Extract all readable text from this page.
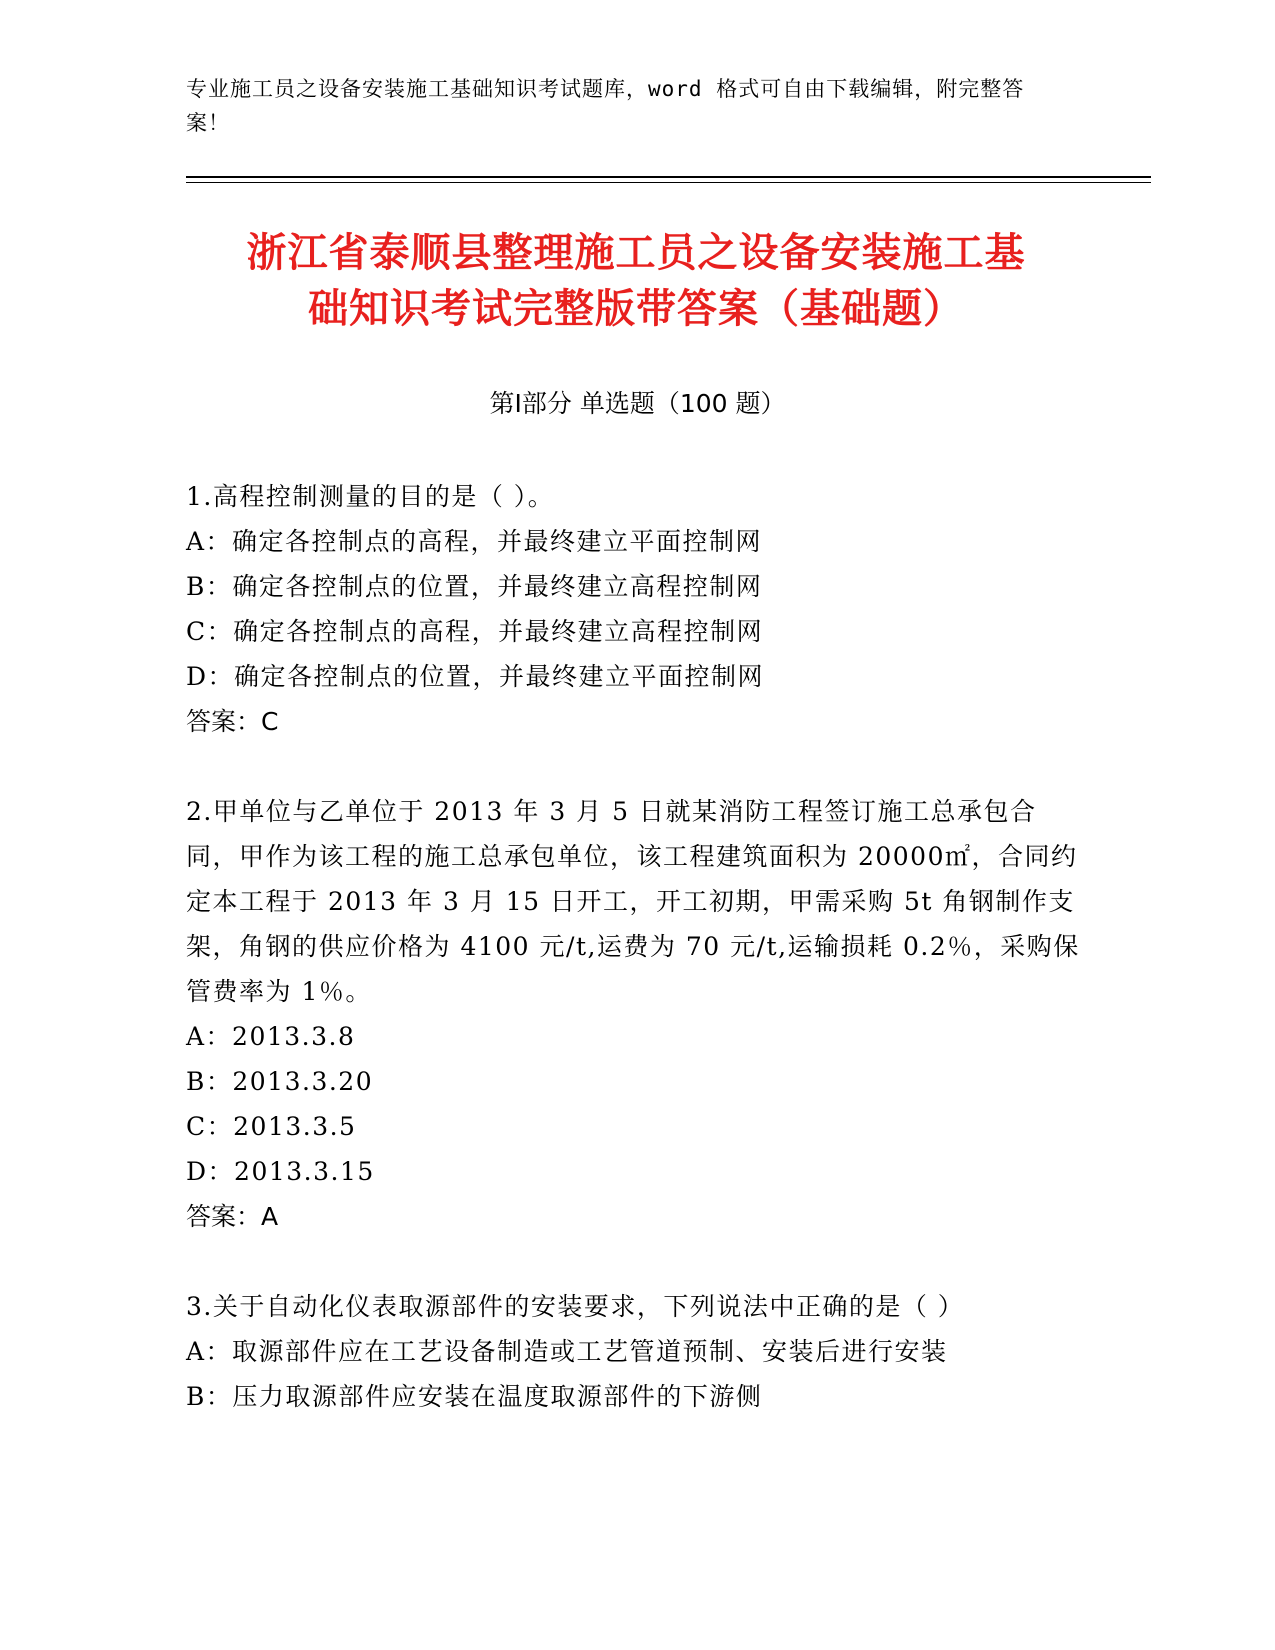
专业施工员之设备安装施工基础知识考试题库，word 格式可自由下载编辑，附完整答案！
浙江省泰顺县整理施工员之设备安装施工基
础知识考试完整版带答案（基础题）
第Ⅰ部分 单选题（100 题）

1.高程控制测量的目的是（ ）。

A：确定各控制点的高程，并最终建立平面控制网

B：确定各控制点的位置，并最终建立高程控制网

C：确定各控制点的高程，并最终建立高程控制网

D：确定各控制点的位置，并最终建立平面控制网

答案：C

2.甲单位与乙单位于 2013 年 3 月 5 日就某消防工程签订施工总承包合同，甲作为该工程的施工总承包单位，该工程建筑面积为 20000㎡，合同约定本工程于 2013 年 3 月 15 日开工，开工初期，甲需采购 5t 角钢制作支架，角钢的供应价格为 4100 元/t,运费为 70 元/t,运输损耗 0.2％，采购保管费率为 1％。

A：2013.3.8

B：2013.3.20

C：2013.3.5

D：2013.3.15

答案：A

3.关于自动化仪表取源部件的安装要求，下列说法中正确的是（ ）

A：取源部件应在工艺设备制造或工艺管道预制、安装后进行安装

B：压力取源部件应安装在温度取源部件的下游侧
